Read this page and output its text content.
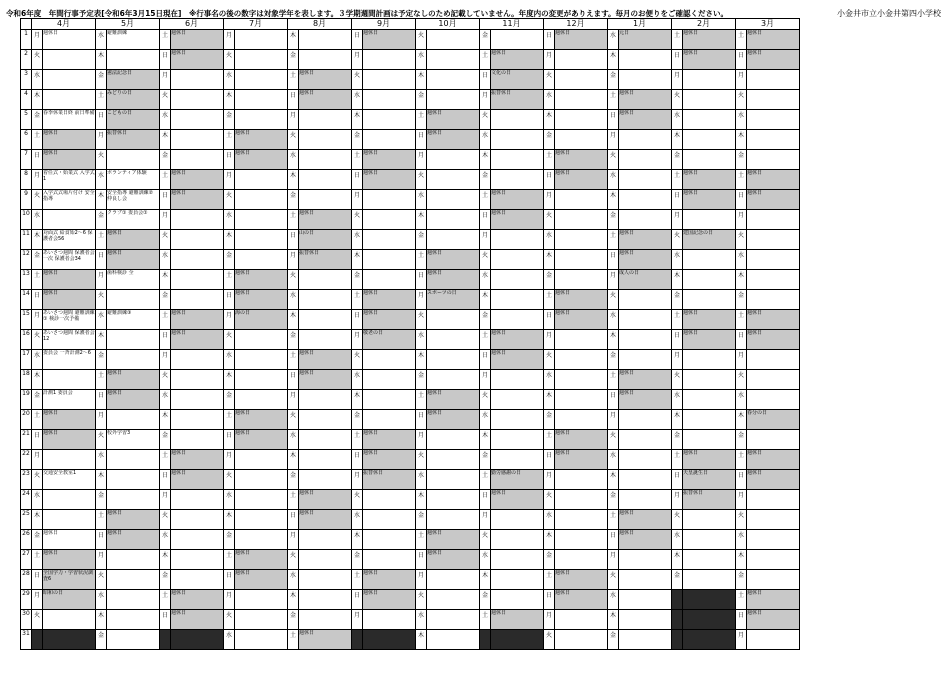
令和6年度　年間行事予定表[令和6年3月15日現在]　※行事名の後の数字は対象学年を表します。３学期週間計画は予定なしのため記載していません。年度内の変更がありえます。毎月のお便りをご確認ください。	小金井市立小金井第四小学校
	4月		5月		6月		7月		8月		9月		10月		11月		12月		1月		2月		3月	
1	月	週休日	水	避難訓練	土	週休日	月		木		日	週休日	火		金		日	週休日	水	元日	土	週休日	土	週休日
2	火		木		日	週休日	火		金		月		水		土	週休日	月		木		日	週休日	日	週休日
3	水		金	憲法記念日	月		水		土	週休日	火		木		日	文化の日	火		金		月		月	
4	木		土	みどりの日	火		木		日	週休日	水		金		月	振替休日	水		土	週休日	火		火	
5	金	春季休業日終 前日準備	日	こどもの日	水		金		月		木		土	週休日	火		木		日	週休日	水		水	
6	土	週休日	月	振替休日	木		土	週休日	火		金		日	週休日	水		金		月		木		木	
7	日	週休日	火		金		日	週休日	水		土	週休日	月		木		土	週休日	火		金		金	
8	月	着任式・始業式 入学式1	水	ボランティア体験	土	週休日	月		木		日	週休日	火		金		日	週休日	水		土	週休日	土	週休日
9	火	入学式式場片付け 安全指導	木	安全指導 避難訓練② 仲良し会	日	週休日	火		金		月		水		土	週休日	月		木		日	週休日	日	週休日
10	水		金	クラブ① 委員会①	月		水		土	週休日	火		木		日	週休日	火		金		月		月	
11	木	対面式 給食始2〜6 保護者会56	土	週休日	火		木		日	山の日	水		金		月		水		土	週休日	火	建国記念の日	火	
12	金	あいさつ週間 保護者会一次 保護者会34	日	週休日	水		金		月	振替休日	木		土	週休日	火		木		日	週休日	水		水	
13	土	週休日	月	歯科検診 全	木		土	週休日	火		金		日	週休日	水		金		月	成人の日	木		木	
14	日	週休日	火		金		日	週休日	水		土	週休日	月	スポーツの日	木		土	週休日	火		金		金	
15	月	あいさつ週間 避難訓練① 検診一次予備	水	避難訓練③	土	週休日	月	海の日	木		日	週休日	火		金		日	週休日	水		土	週休日	土	週休日
16	火	あいさつ週間 保護者会12	木		日	週休日	火		金		月	敬老の日	水		土	週休日	月		木		日	週休日	日	週休日
17	水	委員会 一斉計測2〜6	金		月		水		土	週休日	火		木		日	週休日	火		金		月		月	
18	木		土	週休日	火		木		日	週休日	水		金		月		水		土	週休日	火		火	
19	金	計測1 委員会	日	週休日	水		金		月		木		土	週休日	火		木		日	週休日	水		水	
20	土	週休日	月		木		土	週休日	火		金		日	週休日	水		金		月		木		木	春分の日
21	日	週休日	火	校外学習3	金		日	週休日	水		土	週休日	月		木		土	週休日	火		金		金	
22	月		水		土	週休日	月		木		日	週休日	火		金		日	週休日	水		土	週休日	土	週休日
23	火	交通安全教室1	木		日	週休日	火		金		月	振替休日	水		土	勤労感謝の日	月		木		日	天皇誕生日	日	週休日
24	水		金		月		水		土	週休日	火		木		日	週休日	火		金		月	振替休日	月	
25	木		土	週休日	火		木		日	週休日	水		金		月		水		土	週休日	火		火	
26	金	週休日	日	週休日	水		金		月		木		土	週休日	火		木		日	週休日	水		水	
27	土	週休日	月		木		土	週休日	火		金		日	週休日	水		金		月		木		木	
28	日	全国学力・学習状況調査6	火		金		日	週休日	水		土	週休日	月		木		土	週休日	火		金		金	
29	月	昭和の日	水		土	週休日	月		木		日	週休日	火		金		日	週休日	水				土	週休日
30	火		木		日	週休日	火		金		月		水		土	週休日	月		木				日	週休日
31			金				水		土	週休日			木				火		金				月	
